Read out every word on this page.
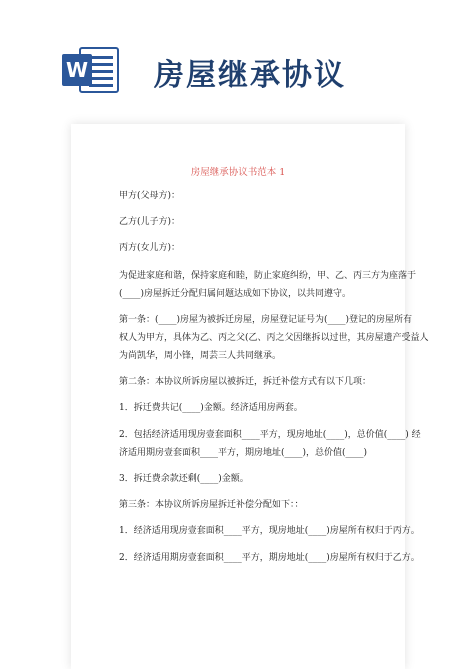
W 房屋继承协议
房屋继承协议书范本 1
甲方(父母方)：
乙方(儿子方)：
丙方(女儿方)：
为促进家庭和谐，保持家庭和睦，防止家庭纠纷，甲、乙、丙三方为座落于
(____)房屋拆迁分配归属问题达成如下协议，以共同遵守。
第一条：(____)房屋为被拆迁房屋，房屋登记证号为(____)登记的房屋所有
权人为甲方，具体为乙、丙之父(乙、丙之父因继拆以过世，其房屋遗产受益人
为尚凯华，周小锋，周芸三人共同继承。
第二条：本协议所诉房屋以被拆迁，拆迁补偿方式有以下几项：
1．拆迁费共记(____)金额。经济适用房两套。
2．包括经济适用现房壹套面积____平方，现房地址(____)，总价值(____) 经
济适用期房壹套面积____平方，期房地址(____)，总价值(____)
3．拆迁费余款还剩(____)金额。
第三条：本协议所诉房屋拆迁补偿分配如下：：
1．经济适用现房壹套面积____平方，现房地址(____)房屋所有权归于丙方。
2．经济适用期房壹套面积____平方，期房地址(____)房屋所有权归于乙方。
